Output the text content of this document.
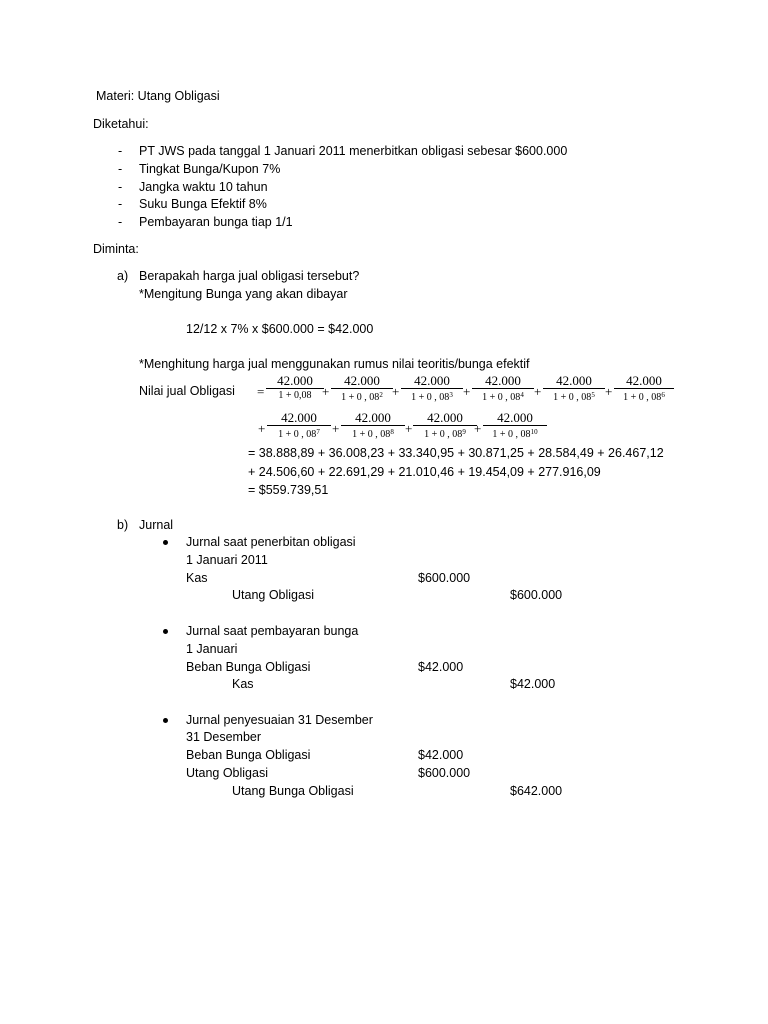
Materi: Utang Obligasi
Diketahui:
- PT JWS pada tanggal 1 Januari 2011 menerbitkan obligasi sebesar $600.000
- Tingkat Bunga/Kupon 7%
- Jangka waktu 10 tahun
- Suku Bunga Efektif 8%
- Pembayaran bunga tiap 1/1
Diminta:
a) Berapakah harga jual obligasi tersebut?
*Mengitung Bunga yang akan dibayar
12/12 x 7% x $600.000 = $42.000
*Menghitung harga jual menggunakan rumus nilai teoritis/bunga efektif
Nilai jual Obligasi =
42.000
1 + 0,08 +
42.000
1 + 0 , $08^2$ +
42.000
1 + 0 , $08^3$ +
42.000
1 + 0 , $08^4$ +
42.000
1 + 0 , $08^5$ +
42.000
1 + 0 , $08^6$
+
42.000
1 + 0 , $08^7$ +
42.000
1 + 0 , $08^8$ +
42.000
1 + 0 , $08^9$ +
42.000
1 + 0 , $08^{10}$
= 38.888,89 + 36.008,23 + 33.340,95 + 30.871,25 + 28.584,49 + 26.467,12
+ 24.506,60 + 22.691,29 + 21.010,46 + 19.454,09 + 277.916,09
= $559.739,51
b) Jurnal
Jurnal saat penerbitan obligasi
1 Januari 2011
Kas	$600.000
Utang Obligasi	$600.000
Jurnal saat pembayaran bunga
1 Januari
Beban Bunga Obligasi	$42.000
Kas	$42.000
Jurnal penyesuaian 31 Desember
31 Desember
Beban Bunga Obligasi	$42.000
Utang Obligasi	$600.000
Utang Bunga Obligasi	$642.000
